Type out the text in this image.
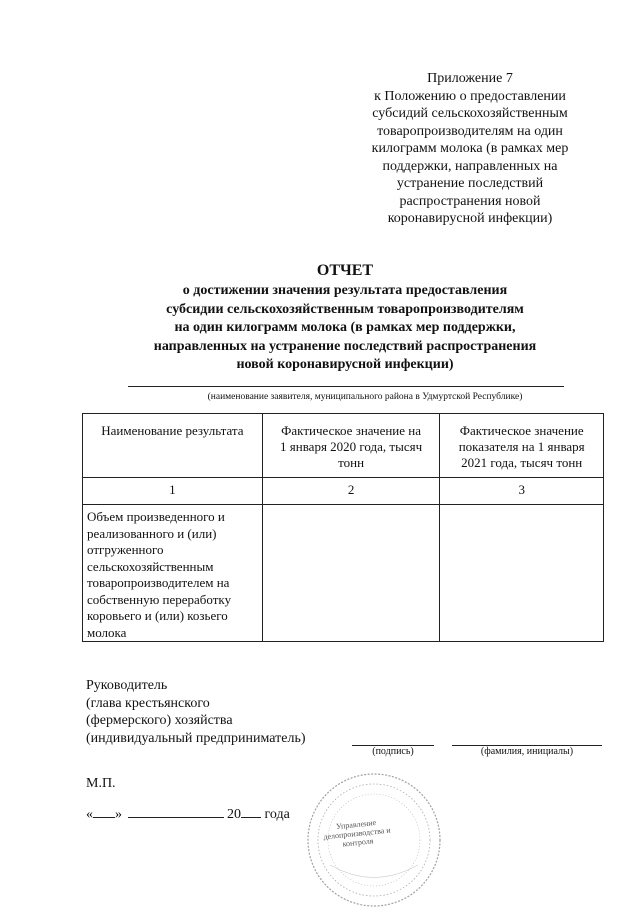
Приложение 7
к Положению о предоставлении
субсидий сельскохозяйственным
товаропроизводителям на один
килограмм молока (в рамках мер
поддержки, направленных на
устранение последствий
распространения новой
коронавирусной инфекции)
ОТЧЕТ
о достижении значения результата предоставления
субсидии сельскохозяйственным товаропроизводителям
на один килограмм молока (в рамках мер поддержки,
направленных на устранение последствий распространения
новой коронавирусной инфекции)
(наименование заявителя, муниципального района в Удмуртской Республике)
Наименование результата	Фактическое значение на 1 января 2020 года, тысяч тонн	Фактическое значение показателя на 1 января 2021 года, тысяч тонн

1	2	3

Объем произведенного и реализованного и (или) отгруженного сельскохозяйственным товаропроизводителем на собственную переработку коровьего и (или) козьего молока		

Руководитель
(глава крестьянского
(фермерского) хозяйства
(индивидуальный предприниматель)
(подпись)	(фамилия, инициалы)
М.П.
« »	20 года
Управление делопроизводства и контроля
